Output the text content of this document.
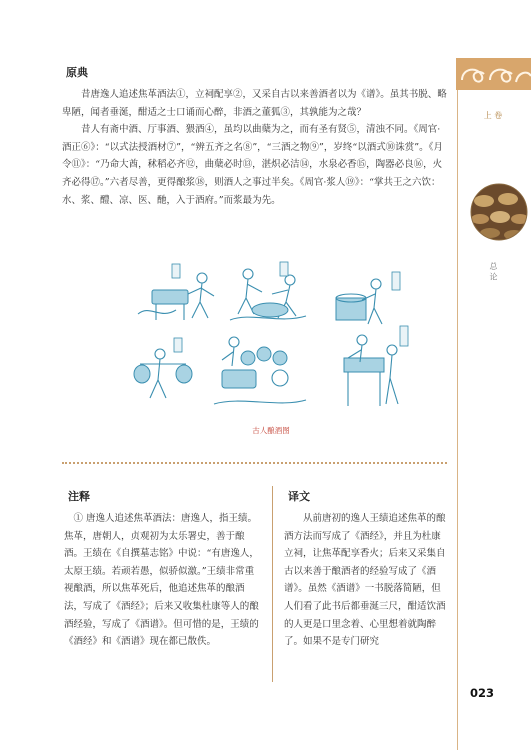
原典

昔唐逸人追述焦革酒法①，立祠配享②，又采自古以来善酒者以为《谱》。虽其书脱、略卑陋，闻者垂涎，酣适之士口诵而心醉，非酒之董狐③，其孰能为之哉？

昔人有斋中酒、厅事酒、猥酒④，虽均以曲蘖为之，而有圣有贤⑤，清浊不同。《周官·酒正⑥》：“以式法授酒材⑦”，“辨五齐之名⑧”，“三酒之物⑨”，岁终“以酒式⑩诛赏”。《月令⑪》：“乃命大酋，秫稻必齐⑫，曲蘖必时⑬，湛炽必洁⑭，水泉必香⑮，陶器必良⑯，火齐必得⑰。”六者尽善，更得酿浆⑱，则酒人之事过半矣。《周官·浆人⑲》：“掌共王之六饮：水、浆、醴、凉、医、酏，入于酒府。”而浆最为先。

古人酿酒图
注释
① 唐逸人追述焦革酒法：唐逸人，指王绩。焦革，唐朝人，贞观初为太乐署史，善于酿酒。王绩在《自撰墓志铭》中说：“有唐逸人，太原王绩。若顽若愚，似骄似激。”王绩非常重视酿酒，所以焦革死后，他追述焦革的酿酒法，写成了《酒经》；后来又收集杜康等人的酿酒经验，写成了《酒谱》。但可惜的是，王绩的《酒经》和《酒谱》现在都已散佚。
译文
从前唐初的逸人王绩追述焦革的酿酒方法而写成了《酒经》，并且为杜康立祠，让焦革配享香火；后来又采集自古以来善于酿酒者的经验写成了《酒谱》。虽然《酒谱》一书脱落简陋，但人们看了此书后都垂涎三尺，酣适饮酒的人更是口里念着、心里想着就陶醉了。如果不是专门研究
上 卷
总 论
023
